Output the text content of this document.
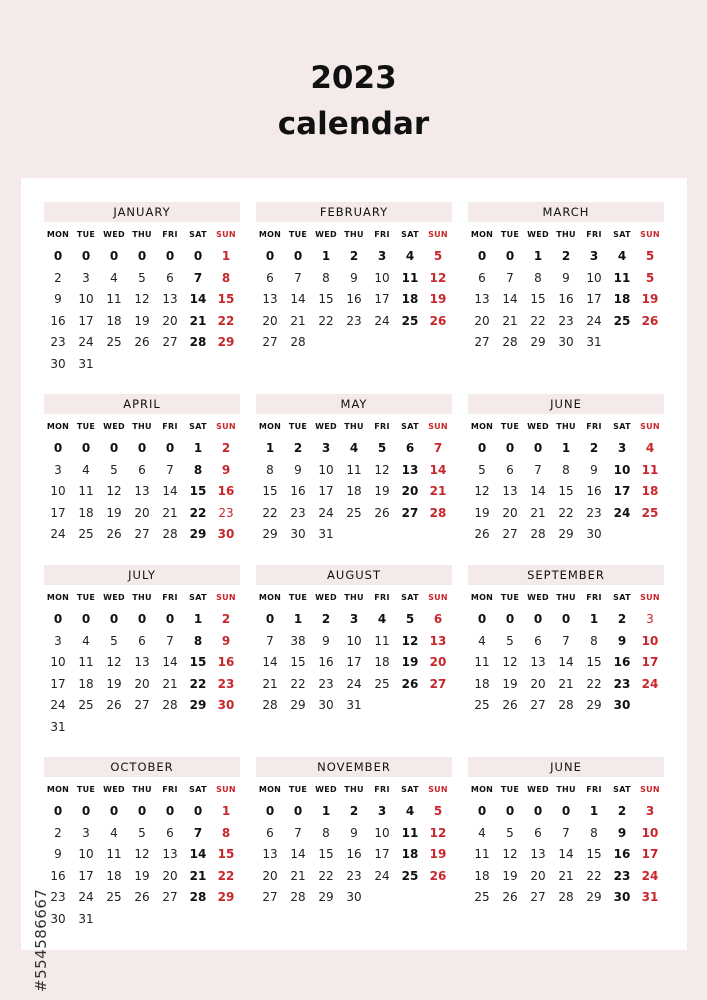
2023
calendar
JANUARY
MON TUE WED THU	FRI	SAT	SUN
0	0	0	0	0	0	1
2	3	4	5	6	7	8
9	10	11	12	13	14 15
16	17	18	19	20	21 22
23	24	25	26	27	28 29
30	31
FEBRUARY
MON TUE WED THU	FRI	SAT	SUN
0	0	1	2	3	4	5
6	7	8	9	10	11 12
13	14	15	16	17	18 19
20	21	22	23	24	25 26
27	28
MARCH
MON TUE WED THU	FRI	SAT	SUN
0	0	1	2	3	4	5
6	7	8	9	10	11	5
13	14	15	16	17	18 19
20	21	22	23	24	25 26
27	28	29	30	31
APRIL
MON TUE WED THU	FRI	SAT	SUN
0	0	0	0	0	1	2
3	4	5	6	7	8	9
10	11	12	13	14	15 16
17	18	19	20	21	22	23
24	25	26	27	28	29 30
MAY
MON TUE WED THU	FRI	SAT	SUN
1	2	3	4	5	6	7
8	9	10	11	12	13 14
15	16	17	18	19	20 21
22	23	24	25	26	27 28
29	30	31
JUNE
MON TUE WED THU	FRI	SAT	SUN
0	0	0	1	2	3	4
5	6	7	8	9	10 11
12	13	14	15	16	17 18
19	20	21	22	23	24 25
26	27	28	29	30
JULY
MON TUE WED THU	FRI	SAT	SUN
0	0	0	0	0	1	2
3	4	5	6	7	8	9
10	11	12	13	14	15 16
17	18	19	20	21	22 23
24	25	26	27	28	29 30
31
AUGUST
MON TUE WED THU	FRI	SAT	SUN
0	1	2	3	4	5	6
7	38	9	10	11	12 13
14	15	16	17	18	19 20
21	22	23	24	25	26 27
28	29	30	31
SEPTEMBER
MON TUE WED THU	FRI	SAT	SUN
0	0	0	0	1	2	3
4	5	6	7	8	9	10
11	12	13	14	15	16 17
18	19	20	21	22	23 24
25	26	27	28	29	30
OCTOBER
MON TUE WED THU	FRI	SAT	SUN
0	0	0	0	0	0	1
2	3	4	5	6	7	8
9	10	11	12	13	14 15
16	17	18	19	20	21 22
23	24	25	26	27	28 29
30	31
NOVEMBER
MON TUE WED THU	FRI	SAT	SUN
0	0	1	2	3	4	5
6	7	8	9	10	11 12
13	14	15	16	17	18 19
20	21	22	23	24	25 26
27	28	29	30
JUNE
MON TUE WED THU	FRI	SAT	SUN
0	0	0	0	1	2	3
4	5	6	7	8	9	10
11	12	13	14	15	16 17
18	19	20	21	22	23 24
25	26	27	28	29	30 31
#554586667
